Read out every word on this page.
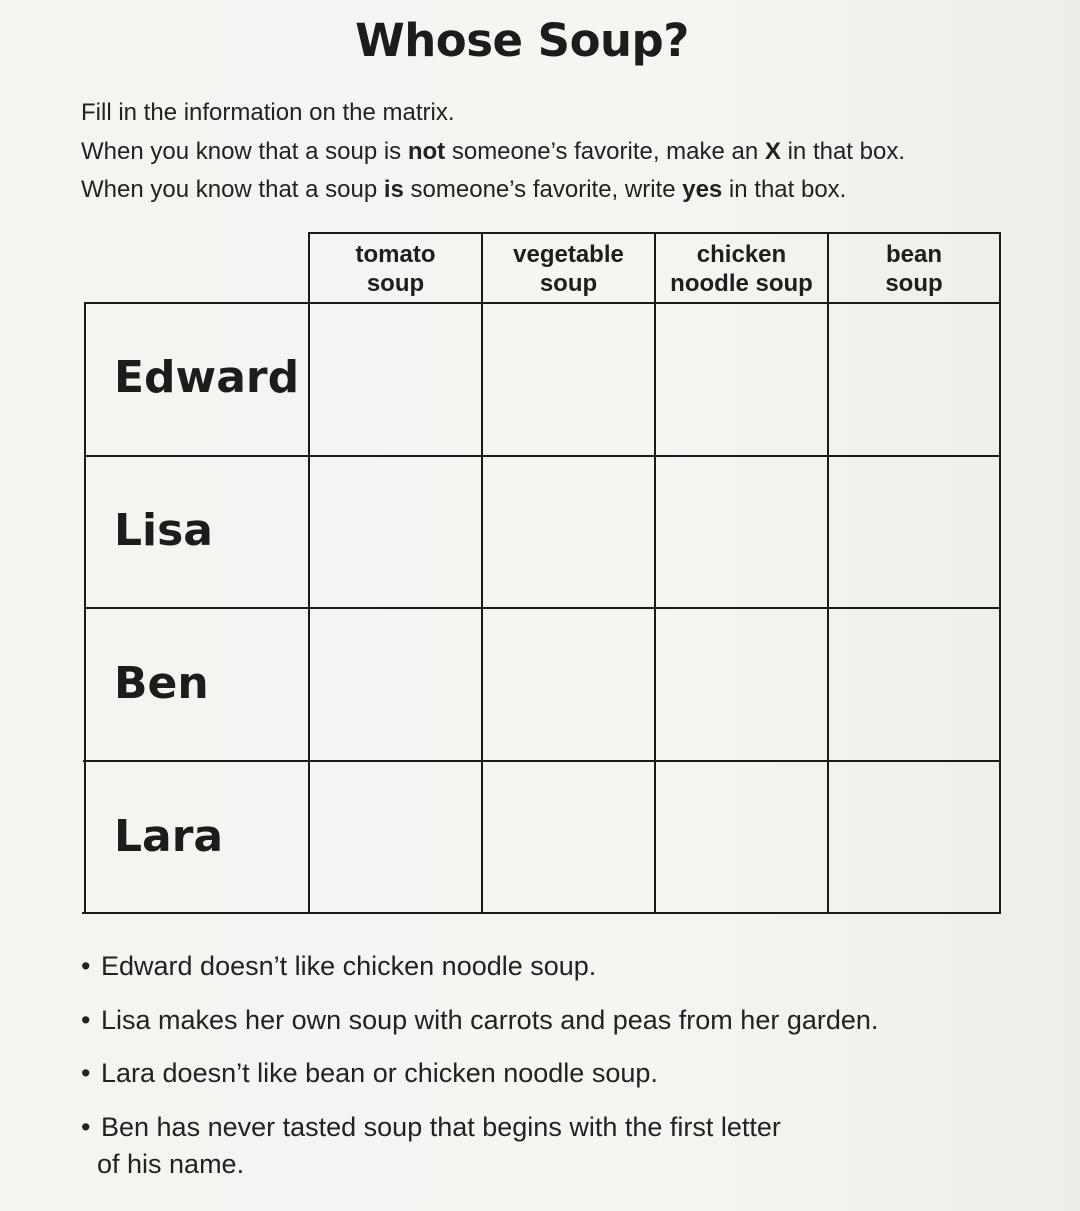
Whose Soup?
Fill in the information on the matrix.
When you know that a soup is not someone’s favorite, make an X in that box.
When you know that a soup is someone’s favorite, write yes in that box.
tomato
soup
vegetable
soup
chicken
noodle soup
bean
soup
Edward
Lisa
Ben
Lara
• Edward doesn’t like chicken noodle soup.
• Lisa makes her own soup with carrots and peas from her garden.
• Lara doesn’t like bean or chicken noodle soup.
• Ben has never tasted soup that begins with the first letter
of his name.
